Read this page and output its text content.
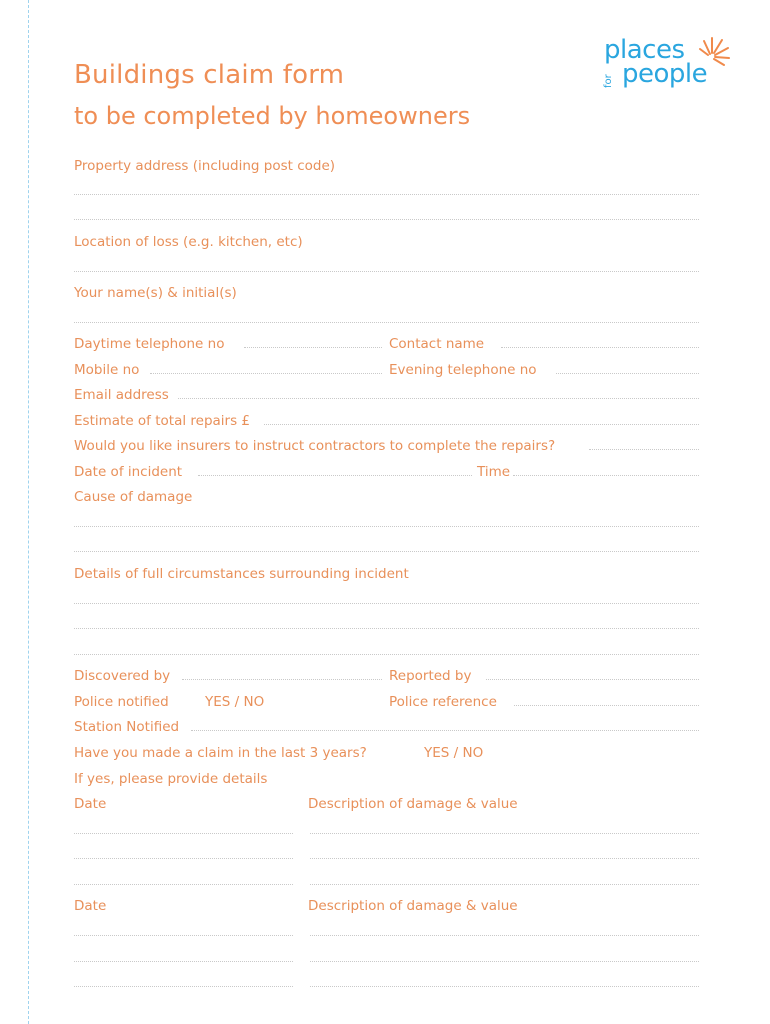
Buildings claim form
to be completed by homeowners
places
for people
Property address (including post code)
Location of loss (e.g. kitchen, etc)
Your name(s) & initial(s)
Daytime telephone no	Contact name
Mobile no	Evening telephone no
Email address
Estimate of total repairs £
Would you like insurers to instruct contractors to complete the repairs?
Date of incident	Time
Cause of damage
Details of full circumstances surrounding incident
Discovered by	Reported by
Police notified	YES / NO	Police reference
Station Notified
Have you made a claim in the last 3 years?	YES / NO
If yes, please provide details
Date	Description of damage & value
Date	Description of damage & value
